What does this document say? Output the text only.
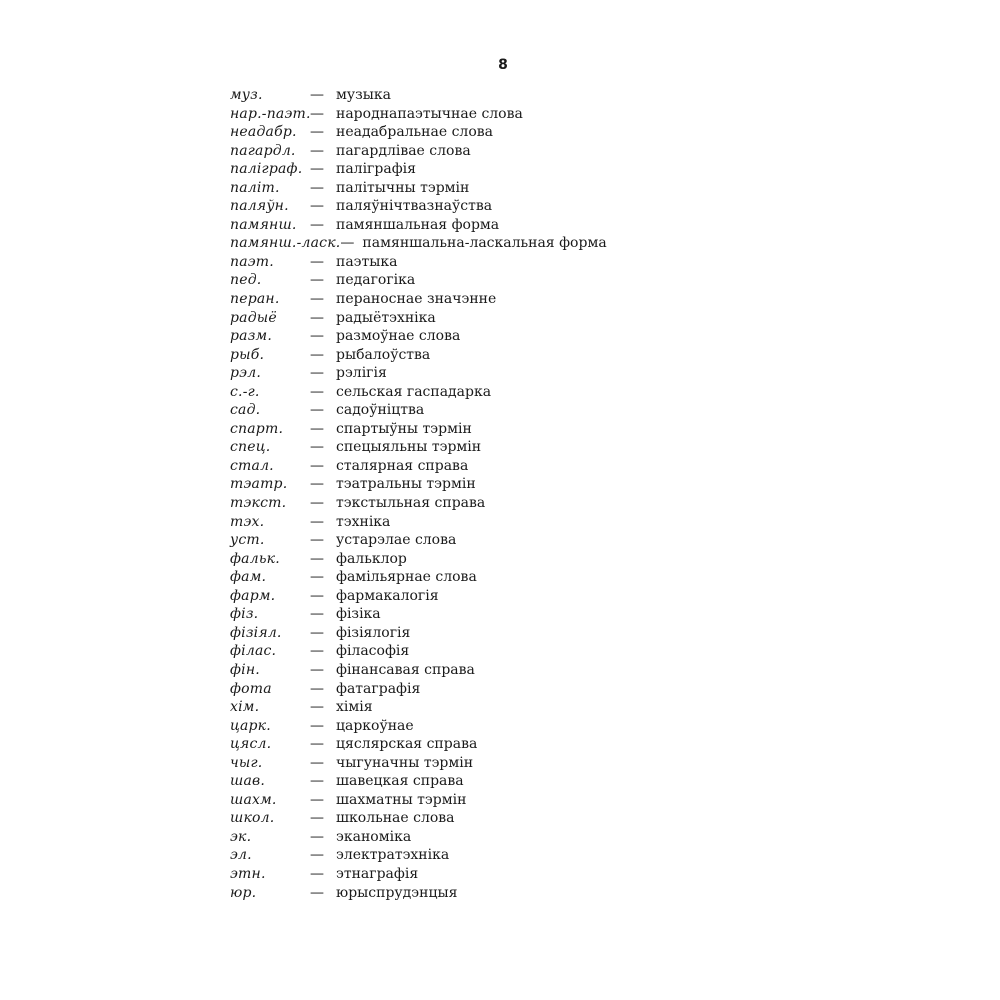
8
муз.	— музыка
нар.-паэт. — народнапаэтычнае слова
неадабр. — неадабральнае слова
пагардл.	— пагардлівае слова
паліграф. — паліграфія
паліт.	— палітычны тэрмін
паляўн.	— паляўнічтвазнаўства
памянш. — памяншальная форма
памянш.-ласк. — памяншальна-ласкальная форма
паэт.	— паэтыка
пед.	— педагогіка
перан.	— пераноснае значэнне
радыё	— радыётэхніка
разм.	— размоўнае слова
рыб.	— рыбалоўства
рэл.	— рэлігія
с.-г.	— сельская гаспадарка
сад.	— садоўніцтва
спарт.	— спартыўны тэрмін
спец.	— спецыяльны тэрмін
стал.	— сталярная справа
тэатр.	— тэатральны тэрмін
тэкст.	— тэкстыльная справа
тэх.	— тэхніка
уст.	— устарэлае слова
фальк.	— фальклор
фам.	— фамільярнае слова
фарм.	— фармакалогія
фіз.	— фізіка
фізіял.	— фізіялогія
філас.	— філасофія
фін.	— фінансавая справа
фота	— фатаграфія
хім.	— хімія
царк.	— царкоўнае
цясл.	— цяслярская справа
чыг.	— чыгуначны тэрмін
шав.	— шавецкая справа
шахм.	— шахматны тэрмін
школ.	— школьнае слова
эк.	— эканоміка
эл.	— электратэхніка
этн.	— этнаграфія
юр.	— юрыспрудэнцыя
